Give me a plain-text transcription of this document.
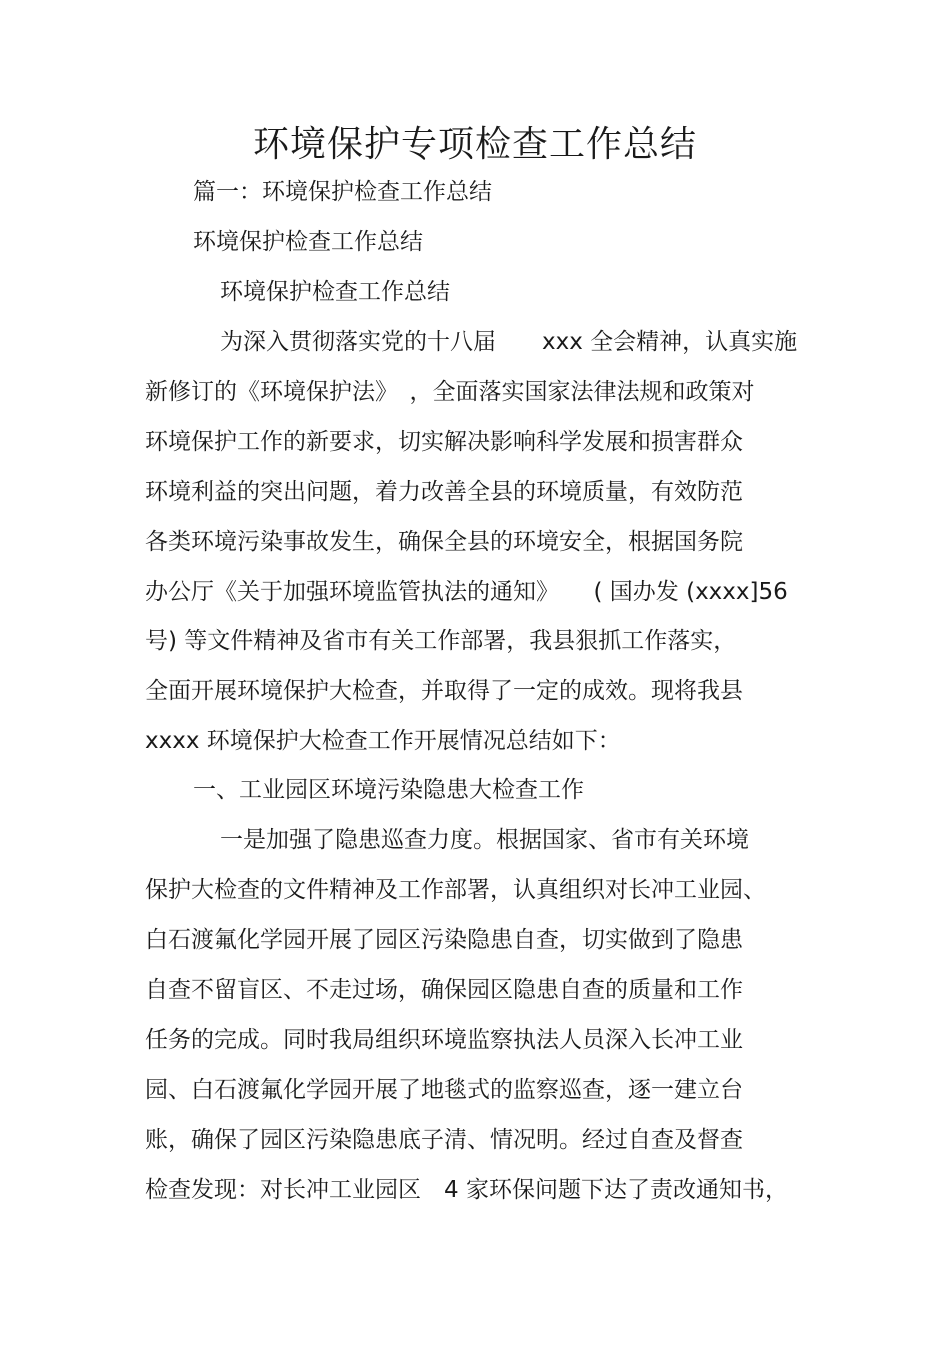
环境保护专项检查工作总结
篇一：环境保护检查工作总结
环境保护检查工作总结
环境保护检查工作总结
为深入贯彻落实党的十八届　　xxx 全会精神，认真实施
新修订的《环境保护法》　，全面落实国家法律法规和政策对
环境保护工作的新要求，切实解决影响科学发展和损害群众
环境利益的突出问题，着力改善全县的环境质量，有效防范
各类环境污染事故发生，确保全县的环境安全，根据国务院
办公厅《关于加强环境监管执法的通知》　　( 国办发 (xxxx]56
号) 等文件精神及省市有关工作部署，我县狠抓工作落实，
全面开展环境保护大检查，并取得了一定的成效。现将我县
xxxx 环境保护大检查工作开展情况总结如下：
一、工业园区环境污染隐患大检查工作
一是加强了隐患巡查力度。根据国家、省市有关环境
保护大检查的文件精神及工作部署，认真组织对长冲工业园、
白石渡氟化学园开展了园区污染隐患自查，切实做到了隐患
自查不留盲区、不走过场，确保园区隐患自查的质量和工作
任务的完成。同时我局组织环境监察执法人员深入长冲工业
园、白石渡氟化学园开展了地毯式的监察巡查，逐一建立台
账，确保了园区污染隐患底子清、情况明。经过自查及督查
检查发现：对长冲工业园区　4 家环保问题下达了责改通知书，
